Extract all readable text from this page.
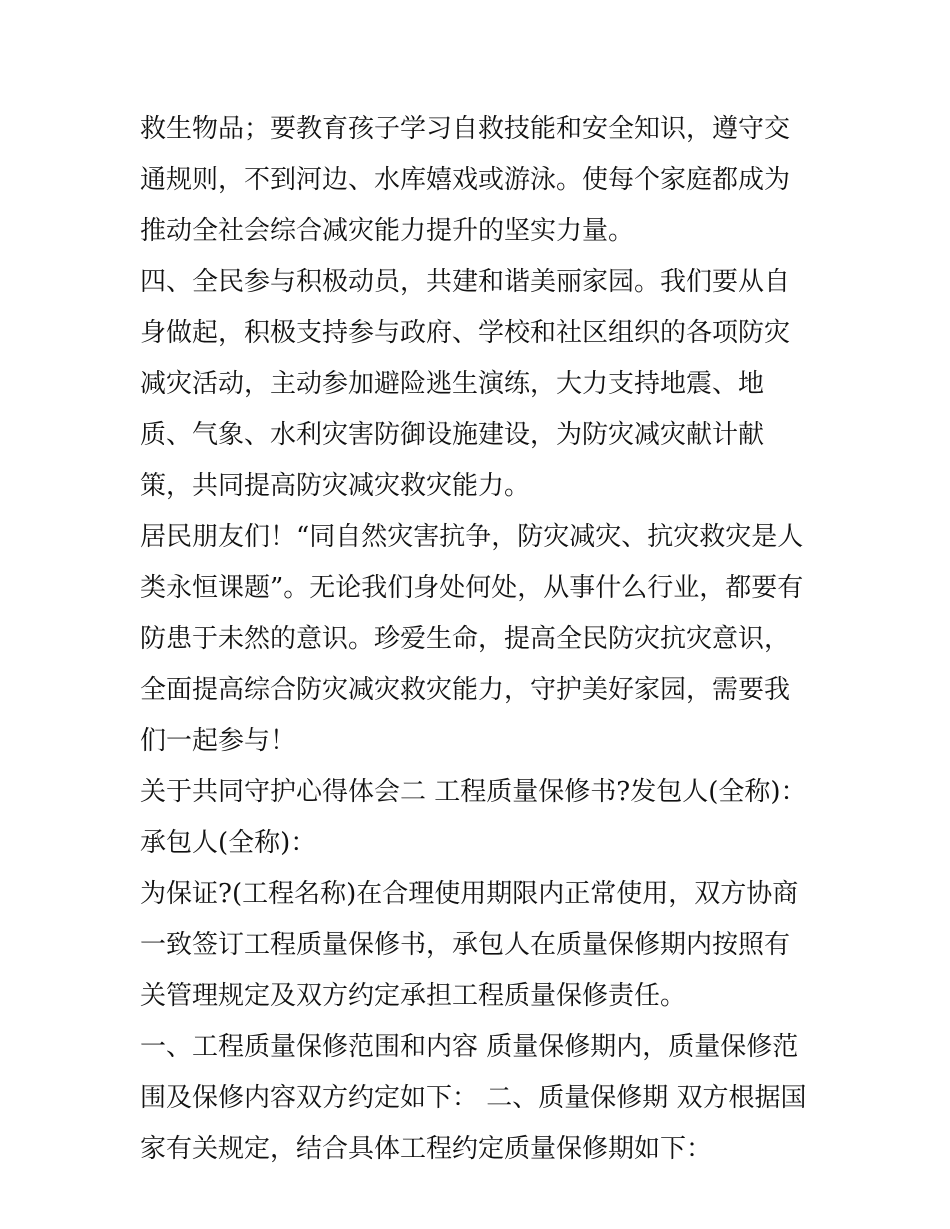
救生物品；要教育孩子学习自救技能和安全知识，遵守交通规则，不到河边、水库嬉戏或游泳。使每个家庭都成为推动全社会综合减灾能力提升的坚实力量。

四、全民参与积极动员，共建和谐美丽家园。我们要从自身做起，积极支持参与政府、学校和社区组织的各项防灾减灾活动，主动参加避险逃生演练，大力支持地震、地质、气象、水利灾害防御设施建设，为防灾减灾献计献策，共同提高防灾减灾救灾能力。

居民朋友们！“同自然灾害抗争，防灾减灾、抗灾救灾是人类永恒课题”。无论我们身处何处，从事什么行业，都要有防患于未然的意识。珍爱生命，提高全民防灾抗灾意识，全面提高综合防灾减灾救灾能力，守护美好家园，需要我们一起参与！

关于共同守护心得体会二 工程质量保修书?发包人(全称)： 承包人(全称)：

为保证?(工程名称)在合理使用期限内正常使用，双方协商一致签订工程质量保修书，承包人在质量保修期内按照有关管理规定及双方约定承担工程质量保修责任。

一、工程质量保修范围和内容 质量保修期内，质量保修范围及保修内容双方约定如下： 二、质量保修期 双方根据国家有关规定，结合具体工程约定质量保修期如下：
